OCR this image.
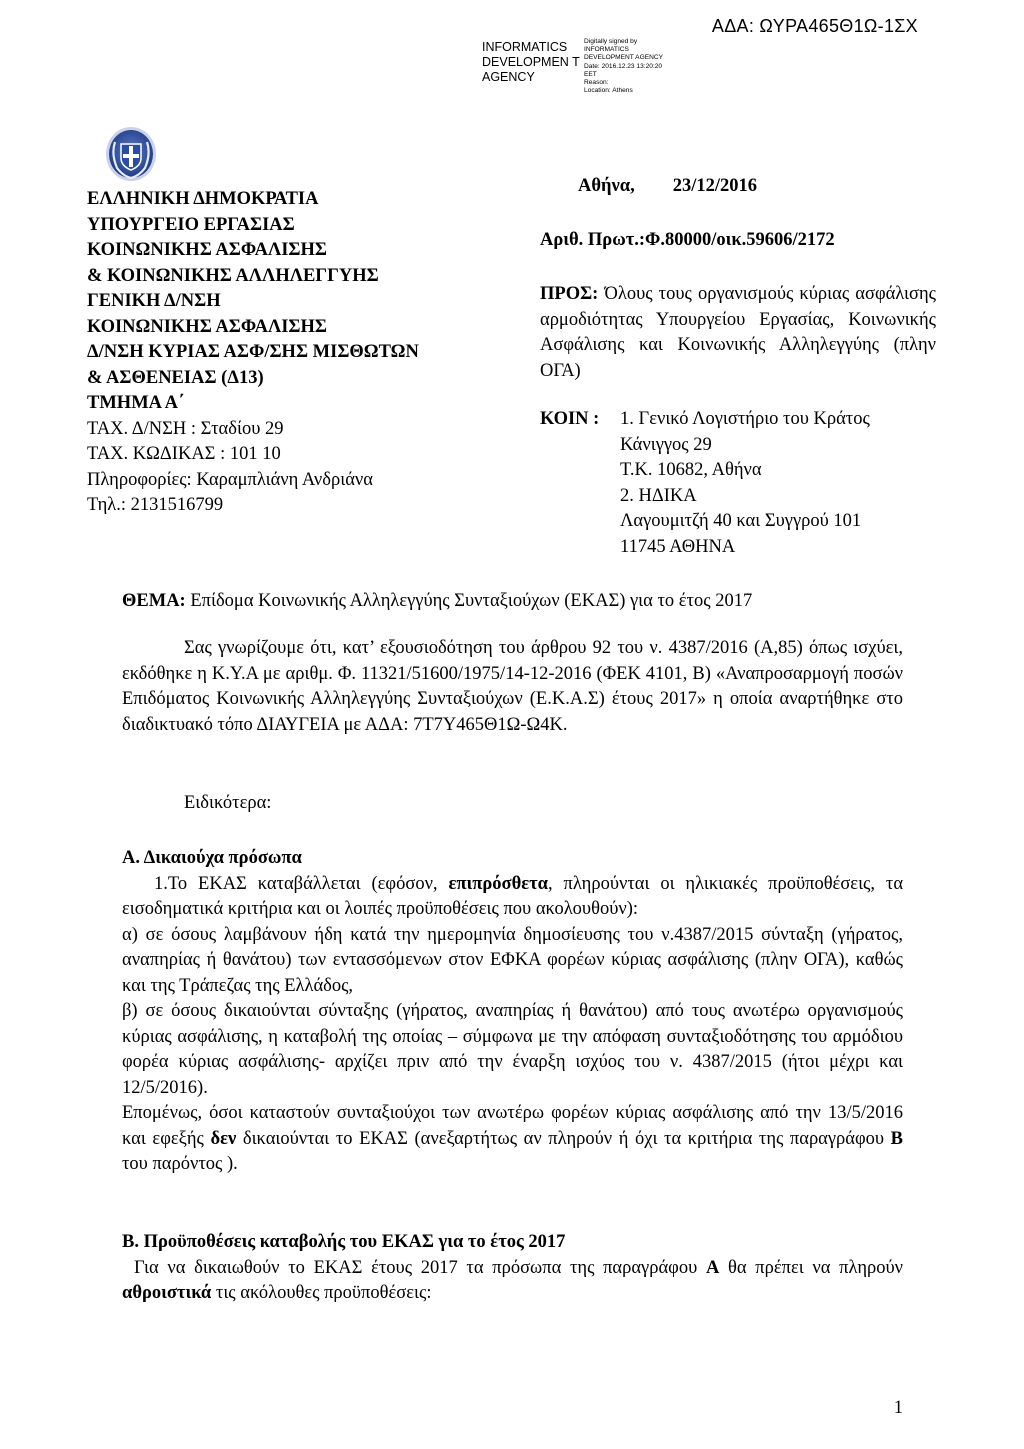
ΑΔΑ: ΩΥΡΑ465Θ1Ω-1ΣΧ
INFORMATICS DEVELOPMEN T AGENCY
Digitally signed by
INFORMATICS
DEVELOPMENT AGENCY
Date: 2016.12.23 13:20:20
EET
Reason:
Location: Athens
ΕΛΛΗΝΙΚΗ ΔΗΜΟΚΡΑΤΙΑ
ΥΠΟΥΡΓΕΙΟ ΕΡΓΑΣΙΑΣ
ΚΟΙΝΩΝΙΚΗΣ ΑΣΦΑΛΙΣΗΣ
& ΚΟΙΝΩΝΙΚΗΣ ΑΛΛΗΛΕΓΓΥΗΣ
ΓΕΝΙΚΗ Δ/ΝΣΗ
ΚΟΙΝΩΝΙΚΗΣ ΑΣΦΑΛΙΣΗΣ
Δ/ΝΣΗ ΚΥΡΙΑΣ ΑΣΦ/ΣΗΣ ΜΙΣΘΩΤΩΝ
& ΑΣΘΕΝΕΙΑΣ (Δ13)
ΤΜΗΜΑ Α΄
ΤΑΧ. Δ/ΝΣΗ : Σταδίου 29
ΤΑΧ. ΚΩΔΙΚΑΣ : 101 10
Πληροφορίες: Καραμπλιάνη Ανδριάνα
Τηλ.: 2131516799
Αθήνα, 23/12/2016
Αριθ. Πρωτ.:Φ.80000/οικ.59606/2172
ΠΡΟΣ: Όλους τους οργανισμούς κύριας ασφάλισης αρμοδιότητας Υπουργείου Εργασίας, Κοινωνικής Ασφάλισης και Κοινωνικής Αλληλεγγύης (πλην ΟΓΑ)
ΚΟΙΝ :	1. Γενικό Λογιστήριο του Κράτος
Κάνιγγος 29
Τ.Κ. 10682, Αθήνα
2. ΗΔΙΚΑ
Λαγουμιτζή 40 και Συγγρού 101
11745 ΑΘΗΝΑ
ΘΕΜΑ: Επίδομα Κοινωνικής Αλληλεγγύης Συνταξιούχων (ΕΚΑΣ) για το έτος 2017

Σας γνωρίζουμε ότι, κατ’ εξουσιοδότηση του άρθρου 92 του ν. 4387/2016 (Α,85) όπως ισχύει, εκδόθηκε η Κ.Υ.Α με αριθμ. Φ. 11321/51600/1975/14-12-2016 (ΦΕΚ 4101, Β) «Αναπροσαρμογή ποσών Επιδόματος Κοινωνικής Αλληλεγγύης Συνταξιούχων (Ε.Κ.Α.Σ) έτους 2017» η οποία αναρτήθηκε στο διαδικτυακό τόπο ΔΙΑΥΓΕΙΑ με ΑΔΑ: 7Τ7Υ465Θ1Ω-Ω4Κ.

Ειδικότερα:

Α. Δικαιούχα πρόσωπα

1.Το ΕΚΑΣ καταβάλλεται (εφόσον, επιπρόσθετα, πληρούνται οι ηλικιακές προϋποθέσεις, τα εισοδηματικά κριτήρια και οι λοιπές προϋποθέσεις που ακολουθούν):

α) σε όσους λαμβάνουν ήδη κατά την ημερομηνία δημοσίευσης του ν.4387/2015 σύνταξη (γήρατος, αναπηρίας ή θανάτου) των εντασσόμενων στον ΕΦΚΑ φορέων κύριας ασφάλισης (πλην ΟΓΑ), καθώς και της Τράπεζας της Ελλάδος,

β) σε όσους δικαιούνται σύνταξης (γήρατος, αναπηρίας ή θανάτου) από τους ανωτέρω οργανισμούς κύριας ασφάλισης, η καταβολή της οποίας – σύμφωνα με την απόφαση συνταξιοδότησης του αρμόδιου φορέα κύριας ασφάλισης- αρχίζει πριν από την έναρξη ισχύος του ν. 4387/2015 (ήτοι μέχρι και 12/5/2016).

Επομένως, όσοι καταστούν συνταξιούχοι των ανωτέρω φορέων κύριας ασφάλισης από την 13/5/2016 και εφεξής δεν δικαιούνται το ΕΚΑΣ (ανεξαρτήτως αν πληρούν ή όχι τα κριτήρια της παραγράφου Β του παρόντος ).

Β. Προϋποθέσεις καταβολής του ΕΚΑΣ για το έτος 2017

Για να δικαιωθούν το ΕΚΑΣ έτους 2017 τα πρόσωπα της παραγράφου Α θα πρέπει να πληρούν αθροιστικά τις ακόλουθες προϋποθέσεις:

1
